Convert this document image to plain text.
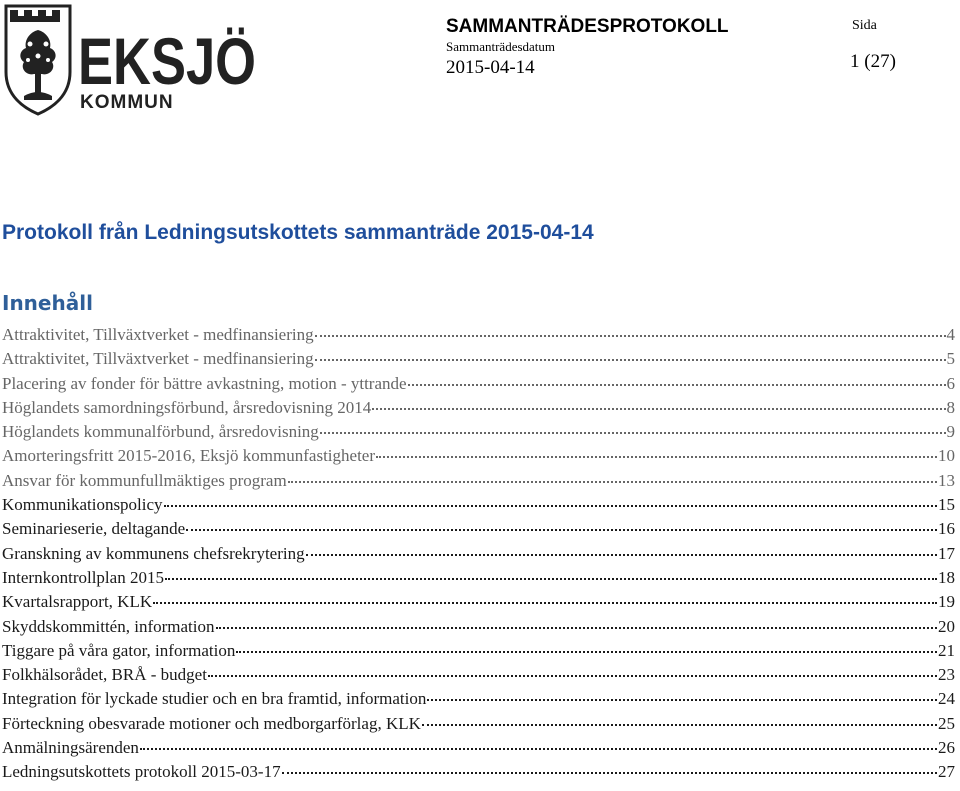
EKSJÖ
KOMMUN
SAMMANTRÄDESPROTOKOLL
Sammanträdesdatum
2015-04-14
Sida
1 (27)
Protokoll från Ledningsutskottets sammanträde 2015-04-14
Innehåll
Attraktivitet, Tillväxtverket - medfinansiering	4
Attraktivitet, Tillväxtverket - medfinansiering	5
Placering av fonder för bättre avkastning, motion - yttrande	6
Höglandets samordningsförbund, årsredovisning 2014	8
Höglandets kommunalförbund, årsredovisning	9
Amorteringsfritt 2015-2016, Eksjö kommunfastigheter	10
Ansvar för kommunfullmäktiges program	13
Kommunikationspolicy	15
Seminarieserie, deltagande	16
Granskning av kommunens chefsrekrytering	17
Internkontrollplan 2015	18
Kvartalsrapport, KLK	19
Skyddskommittén, information	20
Tiggare på våra gator, information	21
Folkhälsorådet, BRÅ - budget	23
Integration för lyckade studier och en bra framtid, information	24
Förteckning obesvarade motioner och medborgarförlag, KLK	25
Anmälningsärenden	26
Ledningsutskottets protokoll 2015-03-17	27
